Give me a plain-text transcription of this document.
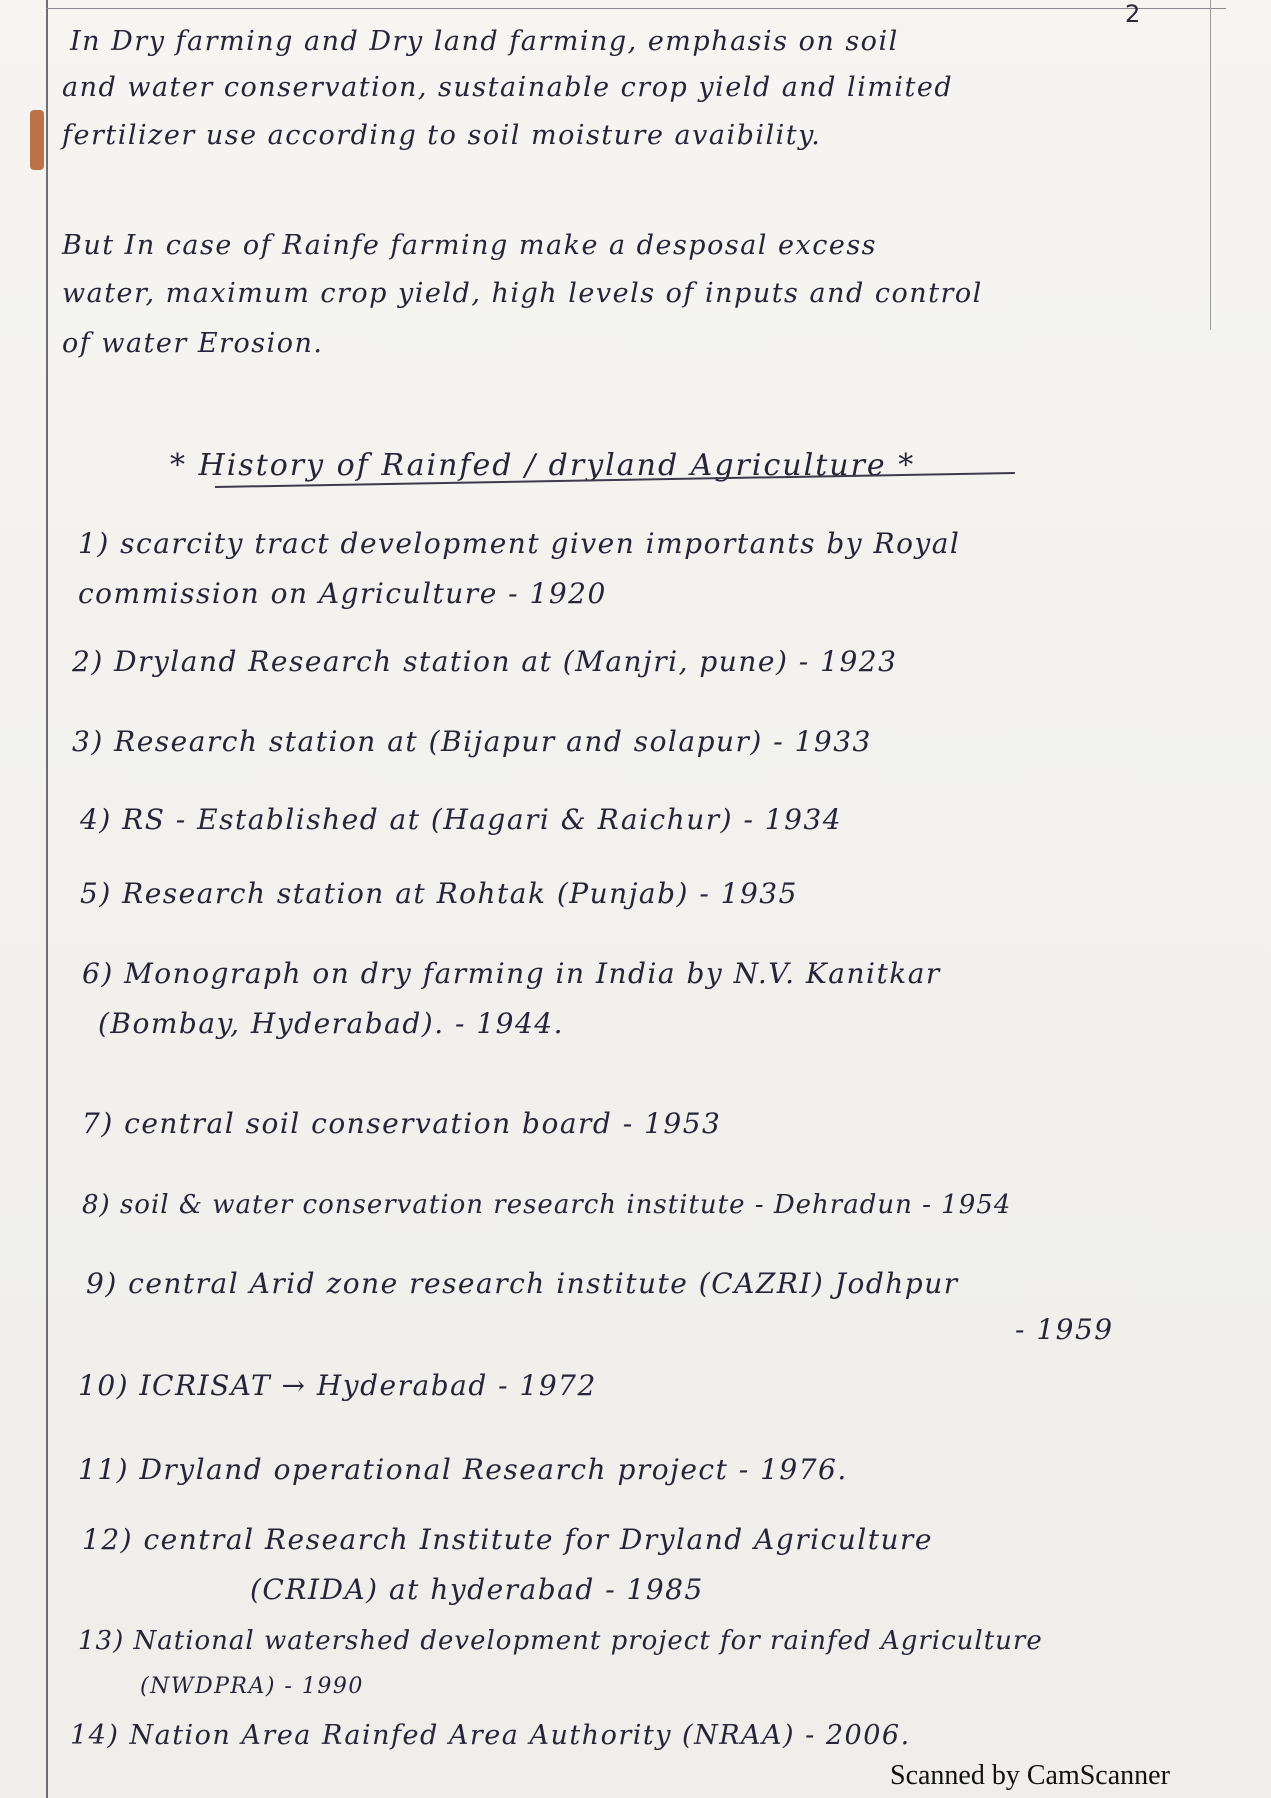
2
In Dry farming and Dry land farming, emphasis on soil
and water conservation, sustainable crop yield and limited
fertilizer use according to soil moisture avaibility.
But In case of Rainfe farming make a desposal excess
water, maximum crop yield, high levels of inputs and control
of water Erosion.
* History of Rainfed / dryland Agriculture *
1) scarcity tract development given importants by Royal
commission on Agriculture - 1920
2) Dryland Research station at (Manjri, pune) - 1923
3) Research station at (Bijapur and solapur) - 1933
4) RS - Established at (Hagari & Raichur) - 1934
5) Research station at Rohtak (Punjab) - 1935
6) Monograph on dry farming in India by N.V. Kanitkar
(Bombay, Hyderabad). - 1944.
7) central soil conservation board - 1953
8) soil & water conservation research institute - Dehradun - 1954
9) central Arid zone research institute (CAZRI) Jodhpur
- 1959
10) ICRISAT → Hyderabad - 1972
11) Dryland operational Research project - 1976.
12) central Research Institute for Dryland Agriculture
(CRIDA) at hyderabad - 1985
13) National watershed development project for rainfed Agriculture
(NWDPRA) - 1990
14) Nation Area Rainfed Area Authority (NRAA) - 2006.
Scanned by CamScanner
